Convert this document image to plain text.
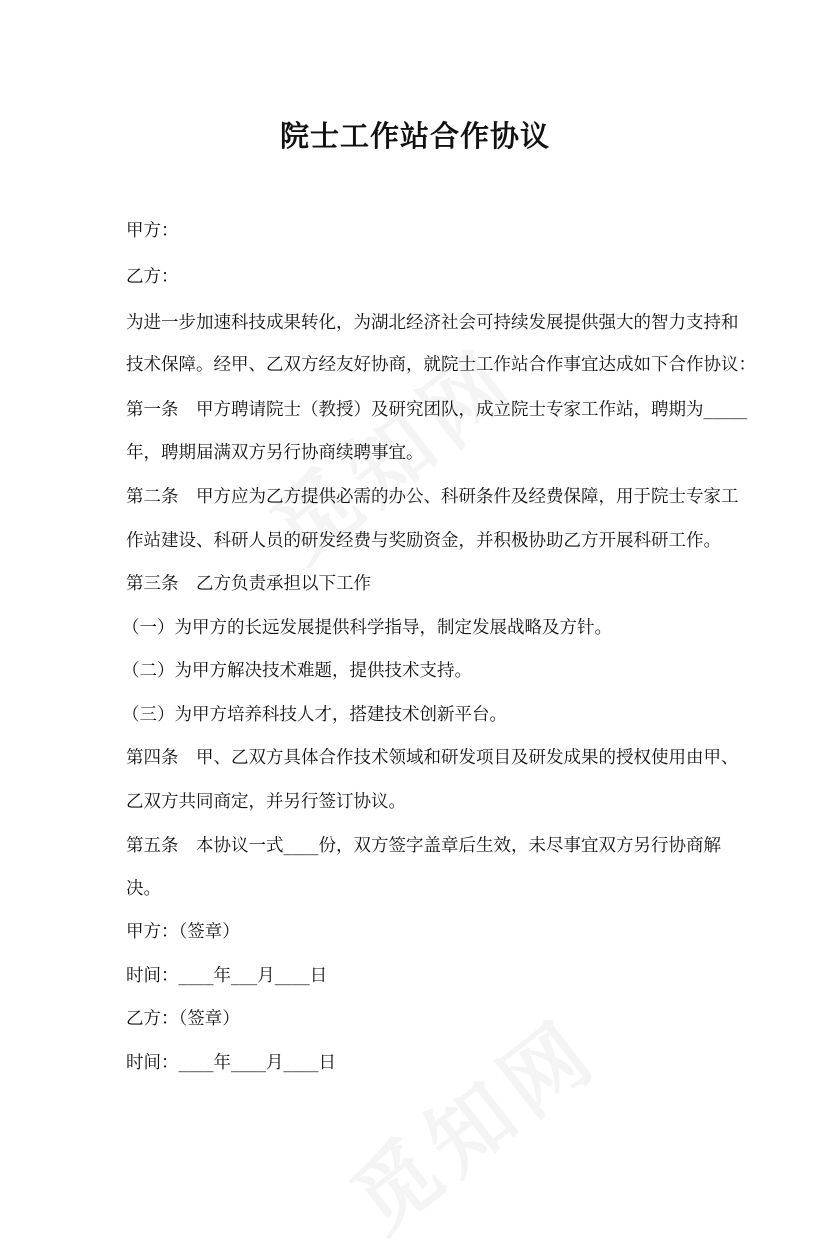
院士工作站合作协议
甲方：
乙方：
为进一步加速科技成果转化，为湖北经济社会可持续发展提供强大的智力支持和
技术保障。经甲、乙双方经友好协商，就院士工作站合作事宜达成如下合作协议：
第一条　甲方聘请院士（教授）及研究团队，成立院士专家工作站，聘期为_____
年，聘期届满双方另行协商续聘事宜。
第二条　甲方应为乙方提供必需的办公、科研条件及经费保障，用于院士专家工
作站建设、科研人员的研发经费与奖励资金，并积极协助乙方开展科研工作。
第三条　乙方负责承担以下工作
（一）为甲方的长远发展提供科学指导，制定发展战略及方针。
（二）为甲方解决技术难题，提供技术支持。
（三）为甲方培养科技人才，搭建技术创新平台。
第四条　甲、乙双方具体合作技术领域和研发项目及研发成果的授权使用由甲、
乙双方共同商定，并另行签订协议。
第五条　本协议一式____份，双方签字盖章后生效，未尽事宜双方另行协商解
决。
甲方：（签章）
时间：____年___月____日
乙方：（签章）
时间：____年____月____日
